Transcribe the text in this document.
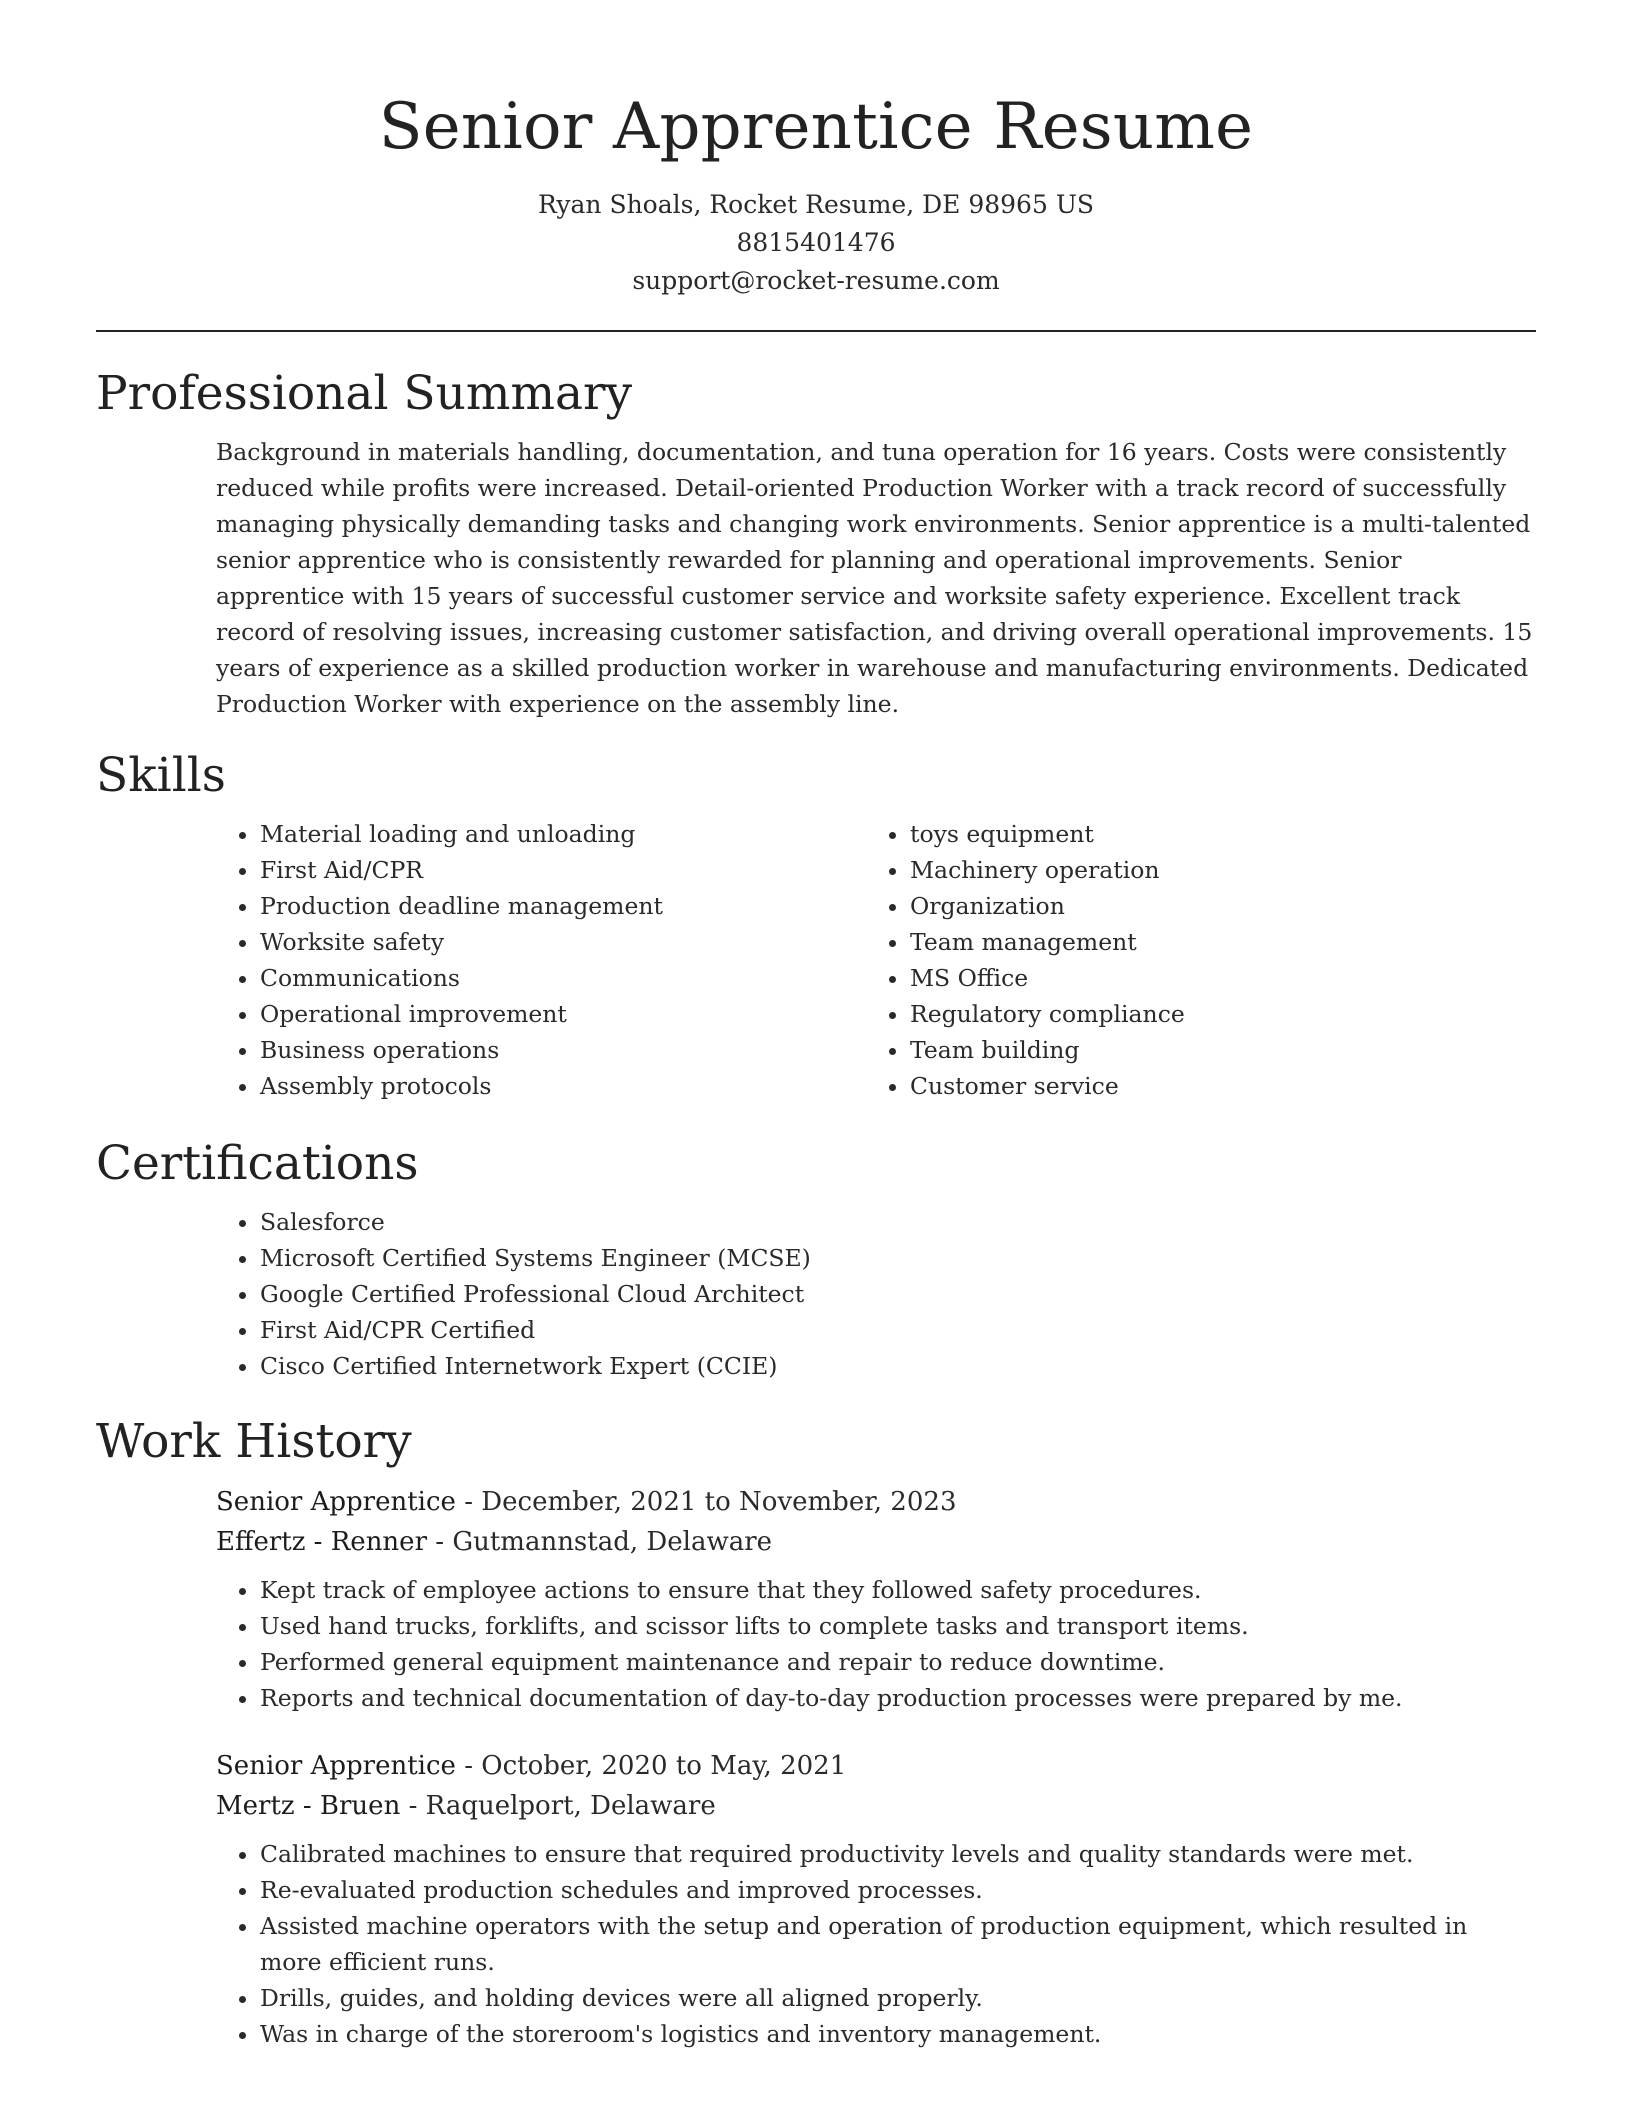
Senior Apprentice Resume
Ryan Shoals, Rocket Resume, DE 98965 US
8815401476
support@rocket-resume.com
Professional Summary
Background in materials handling, documentation, and tuna operation for 16 years. Costs were consistently reduced while profits were increased. Detail-oriented Production Worker with a track record of successfully managing physically demanding tasks and changing work environments. Senior apprentice is a multi-talented senior apprentice who is consistently rewarded for planning and operational improvements. Senior apprentice with 15 years of successful customer service and worksite safety experience. Excellent track record of resolving issues, increasing customer satisfaction, and driving overall operational improvements. 15 years of experience as a skilled production worker in warehouse and manufacturing environments. Dedicated Production Worker with experience on the assembly line.
Skills
• Material loading and unloading
• First Aid/CPR
• Production deadline management
• Worksite safety
• Communications
• Operational improvement
• Business operations
• Assembly protocols
• toys equipment
• Machinery operation
• Organization
• Team management
• MS Office
• Regulatory compliance
• Team building
• Customer service
Certifications
• Salesforce
• Microsoft Certified Systems Engineer (MCSE)
• Google Certified Professional Cloud Architect
• First Aid/CPR Certified
• Cisco Certified Internetwork Expert (CCIE)
Work History
Senior Apprentice - December, 2021 to November, 2023
Effertz - Renner - Gutmannstad, Delaware
• Kept track of employee actions to ensure that they followed safety procedures.
• Used hand trucks, forklifts, and scissor lifts to complete tasks and transport items.
• Performed general equipment maintenance and repair to reduce downtime.
• Reports and technical documentation of day-to-day production processes were prepared by me.
Senior Apprentice - October, 2020 to May, 2021
Mertz - Bruen - Raquelport, Delaware
• Calibrated machines to ensure that required productivity levels and quality standards were met.
• Re-evaluated production schedules and improved processes.
• Assisted machine operators with the setup and operation of production equipment, which resulted in more efficient runs.
• Drills, guides, and holding devices were all aligned properly.
• Was in charge of the storeroom's logistics and inventory management.
